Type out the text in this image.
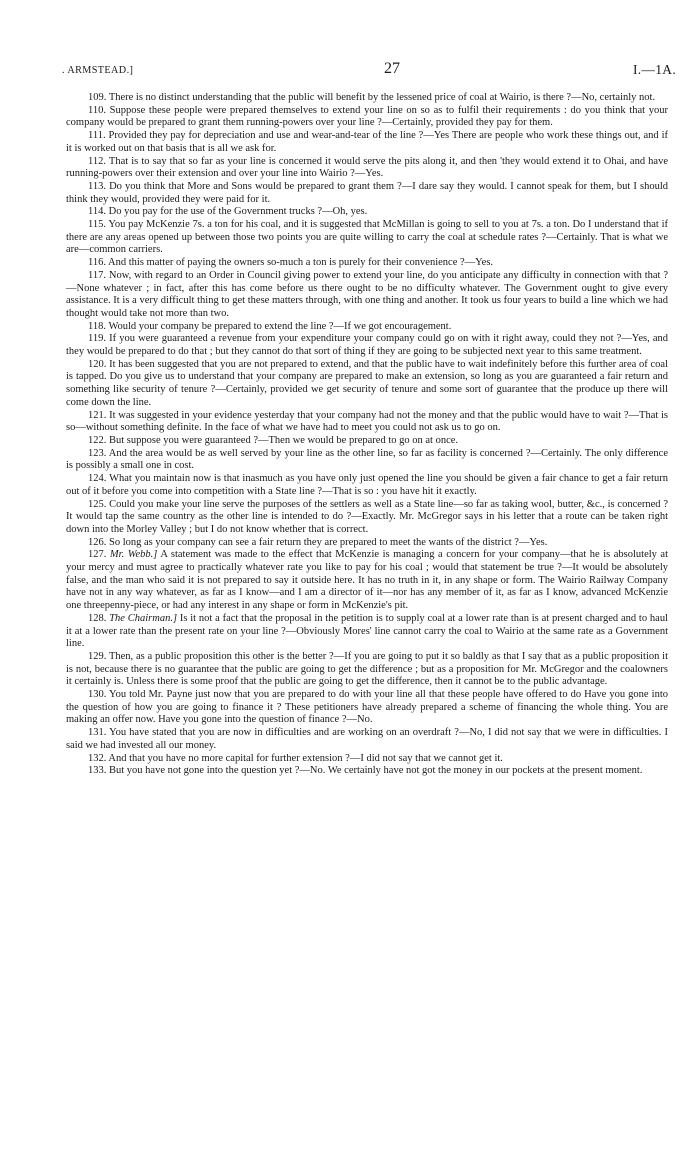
. ARMSTEAD.]	27	I.—1A.

109. There is no distinct understanding that the public will benefit by the lessened price of coal at Wairio, is there ?—No, certainly not.

110. Suppose these people were prepared themselves to extend your line on so as to fulfil their requirements : do you think that your company would be prepared to grant them running-powers over your line ?—Certainly, provided they pay for them.

111. Provided they pay for depreciation and use and wear-and-tear of the line ?—Yes There are people who work these things out, and if it is worked out on that basis that is all we ask for.

112. That is to say that so far as your line is concerned it would serve the pits along it, and then 'they would extend it to Ohai, and have running-powers over their extension and over your line into Wairio ?—Yes.

113. Do you think that More and Sons would be prepared to grant them ?—I dare say they would. I cannot speak for them, but I should think they would, provided they were paid for it.

114. Do you pay for the use of the Government trucks ?—Oh, yes.

115. You pay McKenzie 7s. a ton for his coal, and it is suggested that McMillan is going to sell to you at 7s. a ton. Do I understand that if there are any areas opened up between those two points you are quite willing to carry the coal at schedule rates ?—Certainly. That is what we are—common carriers.

116. And this matter of paying the owners so-much a ton is purely for their convenience ?—Yes.

117. Now, with regard to an Order in Council giving power to extend your line, do you anticipate any difficulty in connection with that ?—None whatever ; in fact, after this has come before us there ought to be no difficulty whatever. The Government ought to give every assistance. It is a very difficult thing to get these matters through, with one thing and another. It took us four years to build a line which we had thought would take not more than two.

118. Would your company be prepared to extend the line ?—If we got encouragement.

119. If you were guaranteed a revenue from your expenditure your company could go on with it right away, could they not ?—Yes, and they would be prepared to do that ; but they cannot do that sort of thing if they are going to be subjected next year to this same treatment.

120. It has been suggested that you are not prepared to extend, and that the public have to wait indefinitely before this further area of coal is tapped. Do you give us to understand that your company are prepared to make an extension, so long as you are guaranteed a fair return and something like security of tenure ?—Certainly, provided we get security of tenure and some sort of guarantee that the produce up there will come down the line.

121. It was suggested in your evidence yesterday that your company had not the money and that the public would have to wait ?—That is so—without something definite. In the face of what we have had to meet you could not ask us to go on.

122. But suppose you were guaranteed ?—Then we would be prepared to go on at once.

123. And the area would be as well served by your line as the other line, so far as facility is concerned ?—Certainly. The only difference is possibly a small one in cost.

124. What you maintain now is that inasmuch as you have only just opened the line you should be given a fair chance to get a fair return out of it before you come into competition with a State line ?—That is so : you have hit it exactly.

125. Could you make your line serve the purposes of the settlers as well as a State line—so far as taking wool, butter, &c., is concerned ? It would tap the same country as the other line is intended to do ?—Exactly. Mr. McGregor says in his letter that a route can be taken right down into the Morley Valley ; but I do not know whether that is correct.

126. So long as your company can see a fair return they are prepared to meet the wants of the district ?—Yes.

127. Mr. Webb.] A statement was made to the effect that McKenzie is managing a concern for your company—that he is absolutely at your mercy and must agree to practically whatever rate you like to pay for his coal ; would that statement be true ?—It would be absolutely false, and the man who said it is not prepared to say it outside here. It has no truth in it, in any shape or form. The Wairio Railway Company have not in any way whatever, as far as I know—and I am a director of it—nor has any member of it, as far as I know, advanced McKenzie one threepenny-piece, or had any interest in any shape or form in McKenzie's pit.

128. The Chairman.] Is it not a fact that the proposal in the petition is to supply coal at a lower rate than is at present charged and to haul it at a lower rate than the present rate on your line ?—Obviously Mores' line cannot carry the coal to Wairio at the same rate as a Government line.

129. Then, as a public proposition this other is the better ?—If you are going to put it so baldly as that I say that as a public proposition it is not, because there is no guarantee that the public are going to get the difference ; but as a proposition for Mr. McGregor and the coalowners it certainly is. Unless there is some proof that the public are going to get the difference, then it cannot be to the public advantage.

130. You told Mr. Payne just now that you are prepared to do with your line all that these people have offered to do Have you gone into the question of how you are going to finance it ? These petitioners have already prepared a scheme of financing the whole thing. You are making an offer now. Have you gone into the question of finance ?—No.

131. You have stated that you are now in difficulties and are working on an overdraft ?—No, I did not say that we were in difficulties. I said we had invested all our money.

132. And that you have no more capital for further extension ?—I did not say that we cannot get it.

133. But you have not gone into the question yet ?—No. We certainly have not got the money in our pockets at the present moment.
